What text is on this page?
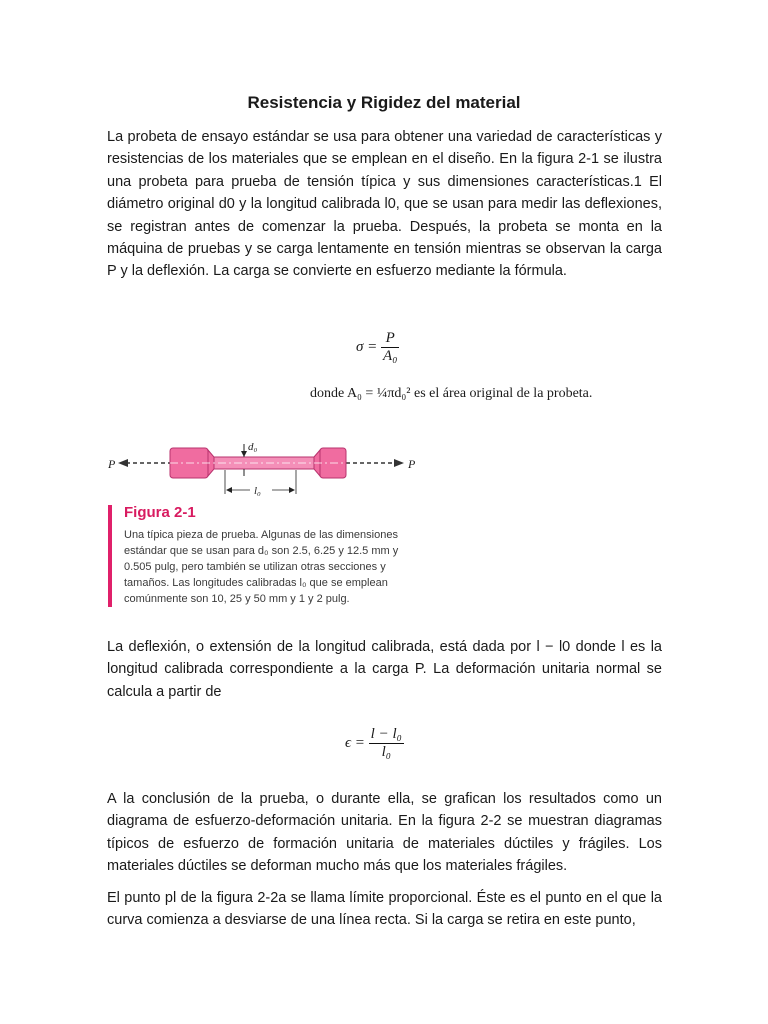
Resistencia y Rigidez del material

La probeta de ensayo estándar se usa para obtener una variedad de características y resistencias de los materiales que se emplean en el diseño. En la figura 2-1 se ilustra una probeta para prueba de tensión típica y sus dimensiones características.1 El diámetro original d0 y la longitud calibrada l0, que se usan para medir las deflexiones, se registran antes de comenzar la prueba. Después, la probeta se monta en la máquina de pruebas y se carga lentamente en tensión mientras se observan la carga P y la deflexión. La carga se convierte en esfuerzo mediante la fórmula.

$\sigma = \frac{P}{\text{A₀}}$
donde A₀ = ¼πd₀² es el área original de la probeta.
P	P
d₀
l₀
Figura 2-1
Una típica pieza de prueba. Algunas de las dimensiones estándar que se usan para d₀ son 2.5, 6.25 y 12.5 mm y 0.505 pulg, pero también se utilizan otras secciones y tamaños. Las longitudes calibradas l₀ que se emplean comúnmente son 10, 25 y 50 mm y 1 y 2 pulg.

La deflexión, o extensión de la longitud calibrada, está dada por l − l0 donde l es la longitud calibrada correspondiente a la carga P. La deformación unitaria normal se calcula a partir de

$\epsilon = \frac{\text{l − l₀}}{\text{l₀}}$

A la conclusión de la prueba, o durante ella, se grafican los resultados como un diagrama de esfuerzo-deformación unitaria. En la figura 2-2 se muestran diagramas típicos de esfuerzo de formación unitaria de materiales dúctiles y frágiles. Los materiales dúctiles se deforman mucho más que los materiales frágiles.

El punto pl de la figura 2-2a se llama límite proporcional. Éste es el punto en el que la curva comienza a desviarse de una línea recta. Si la carga se retira en este punto,
